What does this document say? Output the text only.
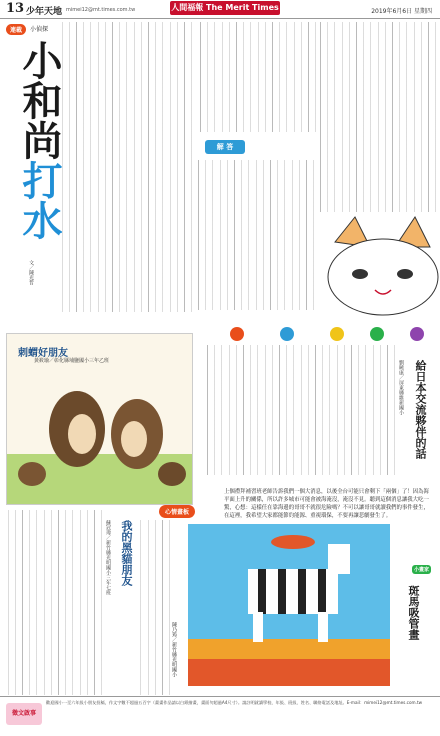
13 少年天地 mimei12@mt.times.com.tw	人間福報 The Merit Times	2019年6月6日 星期四
連載	小偵探
小和尚打水
文／陳光哲
解 答
刺蝟好朋友
黃筱瑜／彰化縣埔鹽國小三年乙班	給日本交流夥伴的話
劉曉康／屏東縣維新國小
我的黑貓朋友
蘇冠瑋／新竹縣光明國小三年七班
心情畫板
上個禮拜補習班老師告訴我們一個大消息，以後全台可能只會剩下「兩個」了！因為海平面上升的關係，所以許多城市可能會被海淹沒，淹沒不見。聽到這個消息讓我大吃一驚，心想：這樣任在靠海邊的哥哥不就很危險嗎？不可以讓哥哥就讀我們的事件發生，在這裡，我希望大家都能節約能源、重視環保，不要再讓悲劇發生了。
陳乃筠／新竹縣光明國小
小畫家
斑馬吸管畫
徵文啟事
歡迎國小一至六年級小朋友投稿，作文字數不超過五百字（畫畫作品請以白紙繪畫，畫面勿超過A4尺寸）。請註明就讀學校、年級、班級、姓名、聯絡電話及地址。E-mail：mimei12@mt.times.com.tw
